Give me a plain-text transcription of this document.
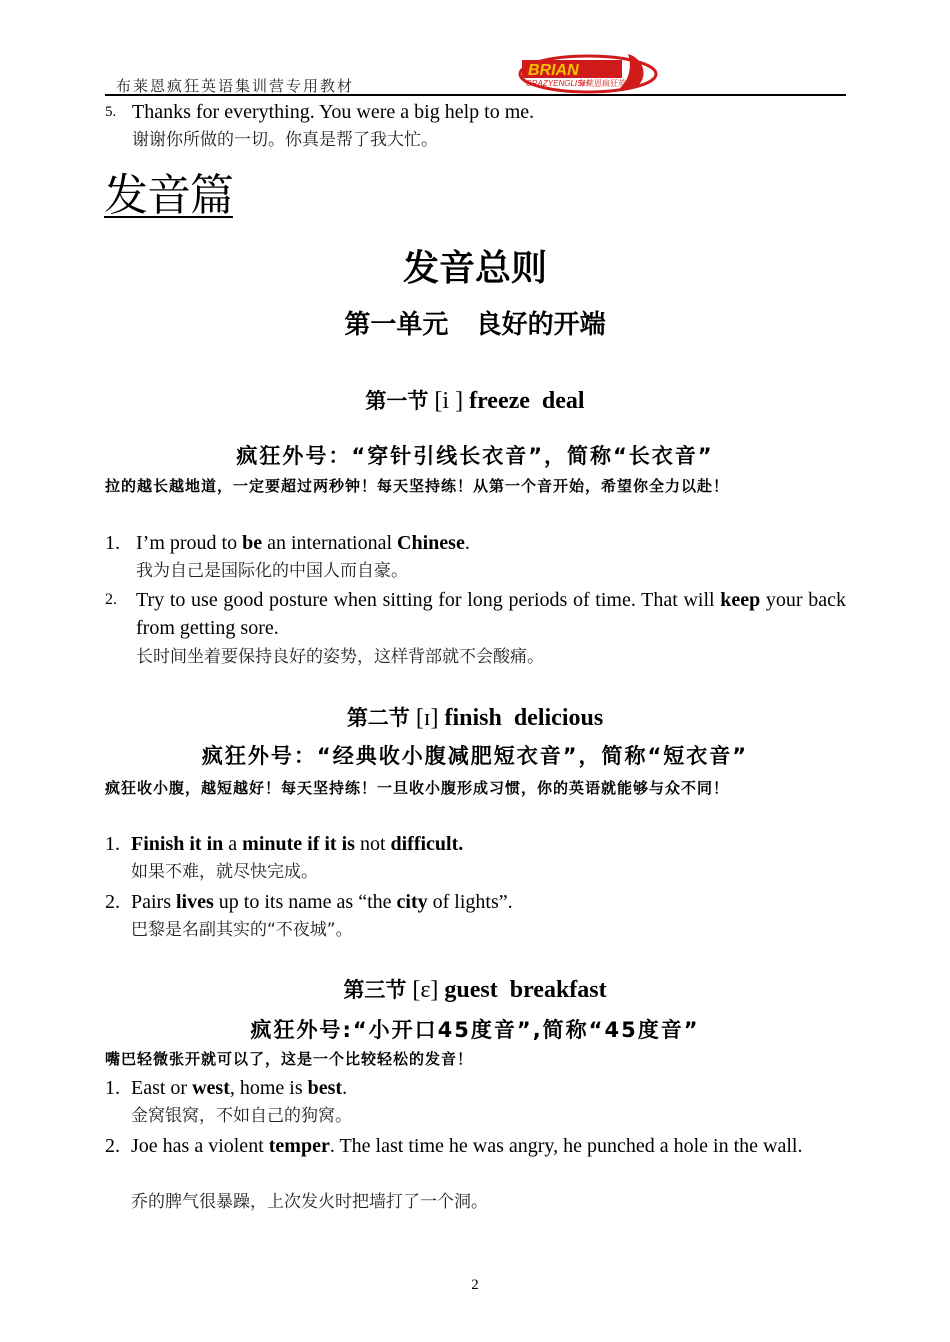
布莱恩疯狂英语集训营专用教材
BRIAN
CRAZYENGLISH
布莱恩疯狂英语
5. Thanks for everything. You were a big help to me.
谢谢你所做的一切。你真是帮了我大忙。
发音篇
发音总则
第一单元   良好的开端
第一节 [i ] freeze  deal
疯狂外号：“穿针引线长衣音”，简称“长衣音”
拉的越长越地道，一定要超过两秒钟！每天坚持练！从第一个音开始，希望你全力以赴！
1. I’m proud to be an international Chinese.
我为自己是国际化的中国人而自豪。
2. Try to use good posture when sitting for long periods of time. That will keep your back from getting sore.
长时间坐着要保持良好的姿势，这样背部就不会酸痛。
第二节 [ɪ] finish  delicious
疯狂外号：“经典收小腹减肥短衣音”，简称“短衣音”
疯狂收小腹，越短越好！每天坚持练！一旦收小腹形成习惯，你的英语就能够与众不同！
1. Finish it in a minute if it is not difficult.
如果不难，就尽快完成。
2. Pairs lives up to its name as “the city of lights”.
巴黎是名副其实的“不夜城”。
第三节 [ɛ] guest  breakfast
疯狂外号:“小开口45度音”,简称“45度音”
嘴巴轻微张开就可以了，这是一个比较轻松的发音！
1. East or west, home is best.
金窝银窝，不如自己的狗窝。
2. Joe has a violent temper. The last time he was angry, he punched a hole in the wall.
乔的脾气很暴躁，上次发火时把墙打了一个洞。
2
